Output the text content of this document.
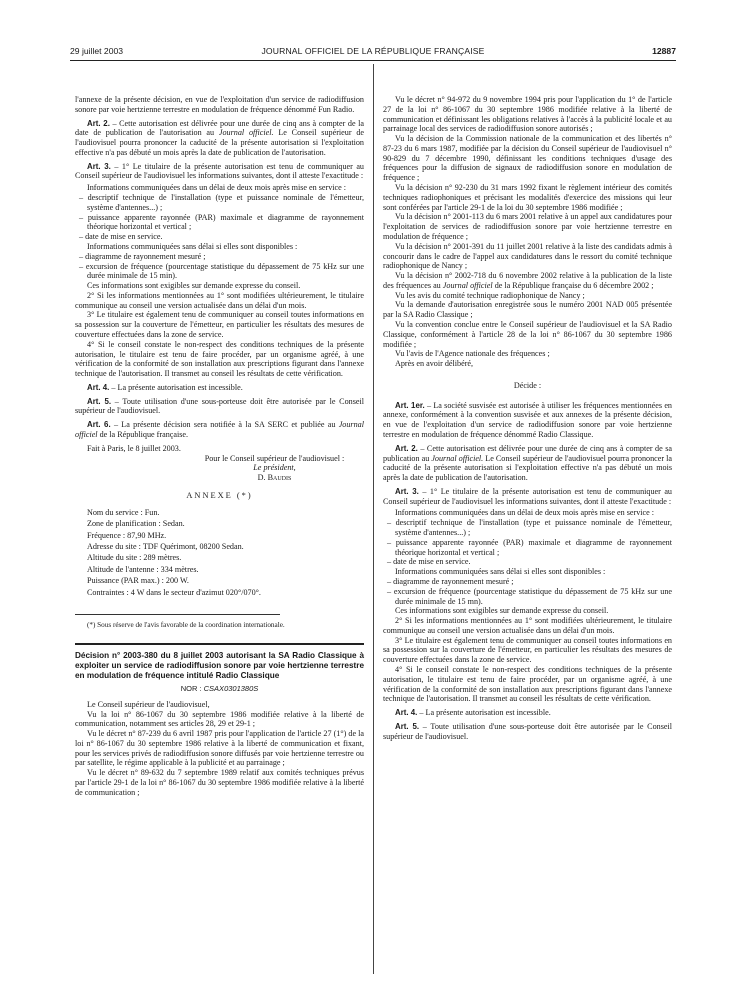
29 juillet 2003	JOURNAL OFFICIEL DE LA RÉPUBLIQUE FRANÇAISE	12887

l'annexe de la présente décision, en vue de l'exploitation d'un service de radiodiffusion sonore par voie hertzienne terrestre en modulation de fréquence dénommé Fun Radio.

Art. 2. – Cette autorisation est délivrée pour une durée de cinq ans à compter de la date de publication de l'autorisation au Journal officiel. Le Conseil supérieur de l'audiovisuel pourra prononcer la caducité de la présente autorisation si l'exploitation effective n'a pas débuté un mois après la date de publication de l'autorisation.

Art. 3. – 1° Le titulaire de la présente autorisation est tenu de communiquer au Conseil supérieur de l'audiovisuel les informations suivantes, dont il atteste l'exactitude :

Informations communiquées dans un délai de deux mois après mise en service :

– descriptif technique de l'installation (type et puissance nominale de l'émetteur, système d'antennes...) ;

– puissance apparente rayonnée (PAR) maximale et diagramme de rayonnement théorique horizontal et vertical ;

– date de mise en service.

Informations communiquées sans délai si elles sont disponibles :

– diagramme de rayonnement mesuré ;

– excursion de fréquence (pourcentage statistique du dépassement de 75 kHz sur une durée minimale de 15 min).

Ces informations sont exigibles sur demande expresse du conseil.

2° Si les informations mentionnées au 1° sont modifiées ultérieurement, le titulaire communique au conseil une version actualisée dans un délai d'un mois.

3° Le titulaire est également tenu de communiquer au conseil toutes informations en sa possession sur la couverture de l'émetteur, en particulier les résultats des mesures de couverture effectuées dans la zone de service.

4° Si le conseil constate le non-respect des conditions techniques de la présente autorisation, le titulaire est tenu de faire procéder, par un organisme agréé, à une vérification de la conformité de son installation aux prescriptions figurant dans l'annexe technique de l'autorisation. Il transmet au conseil les résultats de cette vérification.

Art. 4. – La présente autorisation est incessible.

Art. 5. – Toute utilisation d'une sous-porteuse doit être autorisée par le Conseil supérieur de l'audiovisuel.

Art. 6. – La présente décision sera notifiée à la SA SERC et publiée au Journal officiel de la République française.

Fait à Paris, le 8 juillet 2003.

Pour le Conseil supérieur de l'audiovisuel :

Le président,

D. Baudis

ANNEXE (*)

Nom du service : Fun.

Zone de planification : Sedan.

Fréquence : 87,90 MHz.

Adresse du site : TDF Quérimont, 08200 Sedan.

Altitude du site : 289 mètres.

Altitude de l'antenne : 334 mètres.

Puissance (PAR max.) : 200 W.

Contraintes : 4 W dans le secteur d'azimut 020°/070°.

(*) Sous réserve de l'avis favorable de la coordination internationale.

Décision n° 2003-380 du 8 juillet 2003 autorisant la SA Radio Classique à exploiter un service de radiodiffusion sonore par voie hertzienne terrestre en modulation de fréquence intitulé Radio Classique

NOR : CSAX0301380S

Le Conseil supérieur de l'audiovisuel,

Vu la loi n° 86-1067 du 30 septembre 1986 modifiée relative à la liberté de communication, notamment ses articles 28, 29 et 29-1 ;

Vu le décret n° 87-239 du 6 avril 1987 pris pour l'application de l'article 27 (1°) de la loi n° 86-1067 du 30 septembre 1986 relative à la liberté de communication et fixant, pour les services privés de radiodiffusion sonore diffusés par voie hertzienne terrestre ou par satellite, le régime applicable à la publicité et au parrainage ;

Vu le décret n° 89-632 du 7 septembre 1989 relatif aux comités techniques prévus par l'article 29-1 de la loi n° 86-1067 du 30 septembre 1986 modifiée relative à la liberté de communication ;

Vu le décret n° 94-972 du 9 novembre 1994 pris pour l'application du 1° de l'article 27 de la loi n° 86-1067 du 30 septembre 1986 modifiée relative à la liberté de communication et définissant les obligations relatives à l'accès à la publicité locale et au parrainage local des services de radiodiffusion sonore autorisés ;

Vu la décision de la Commission nationale de la communication et des libertés n° 87-23 du 6 mars 1987, modifiée par la décision du Conseil supérieur de l'audiovisuel n° 90-829 du 7 décembre 1990, définissant les conditions techniques d'usage des fréquences pour la diffusion de signaux de radiodiffusion sonore en modulation de fréquence ;

Vu la décision n° 92-230 du 31 mars 1992 fixant le règlement intérieur des comités techniques radiophoniques et précisant les modalités d'exercice des missions qui leur sont conférées par l'article 29-1 de la loi du 30 septembre 1986 modifiée ;

Vu la décision n° 2001-113 du 6 mars 2001 relative à un appel aux candidatures pour l'exploitation de services de radiodiffusion sonore par voie hertzienne terrestre en modulation de fréquence ;

Vu la décision n° 2001-391 du 11 juillet 2001 relative à la liste des candidats admis à concourir dans le cadre de l'appel aux candidatures dans le ressort du comité technique radiophonique de Nancy ;

Vu la décision n° 2002-718 du 6 novembre 2002 relative à la publication de la liste des fréquences au Journal officiel de la République française du 6 décembre 2002 ;

Vu les avis du comité technique radiophonique de Nancy ;

Vu la demande d'autorisation enregistrée sous le numéro 2001 NAD 005 présentée par la SA Radio Classique ;

Vu la convention conclue entre le Conseil supérieur de l'audiovisuel et la SA Radio Classique, conformément à l'article 28 de la loi n° 86-1067 du 30 septembre 1986 modifiée ;

Vu l'avis de l'Agence nationale des fréquences ;

Après en avoir délibéré,

Décide :

Art. 1er. – La société susvisée est autorisée à utiliser les fréquences mentionnées en annexe, conformément à la convention susvisée et aux annexes de la présente décision, en vue de l'exploitation d'un service de radiodiffusion sonore par voie hertzienne terrestre en modulation de fréquence dénommé Radio Classique.

Art. 2. – Cette autorisation est délivrée pour une durée de cinq ans à compter de sa publication au Journal officiel. Le Conseil supérieur de l'audiovisuel pourra prononcer la caducité de la présente autorisation si l'exploitation effective n'a pas débuté un mois après la date de publication de l'autorisation.

Art. 3. – 1° Le titulaire de la présente autorisation est tenu de communiquer au Conseil supérieur de l'audiovisuel les informations suivantes, dont il atteste l'exactitude :

Informations communiquées dans un délai de deux mois après mise en service :

– descriptif technique de l'installation (type et puissance nominale de l'émetteur, système d'antennes...) ;

– puissance apparente rayonnée (PAR) maximale et diagramme de rayonnement théorique horizontal et vertical ;

– date de mise en service.

Informations communiquées sans délai si elles sont disponibles :

– diagramme de rayonnement mesuré ;

– excursion de fréquence (pourcentage statistique du dépassement de 75 kHz sur une durée minimale de 15 mn).

Ces informations sont exigibles sur demande expresse du conseil.

2° Si les informations mentionnées au 1° sont modifiées ultérieurement, le titulaire communique au conseil une version actualisée dans un délai d'un mois.

3° Le titulaire est également tenu de communiquer au conseil toutes informations en sa possession sur la couverture de l'émetteur, en particulier les résultats des mesures de couverture effectuées dans la zone de service.

4° Si le conseil constate le non-respect des conditions techniques de la présente autorisation, le titulaire est tenu de faire procéder, par un organisme agréé, à une vérification de la conformité de son installation aux prescriptions figurant dans l'annexe technique de l'autorisation. Il transmet au conseil les résultats de cette vérification.

Art. 4. – La présente autorisation est incessible.

Art. 5. – Toute utilisation d'une sous-porteuse doit être autorisée par le Conseil supérieur de l'audiovisuel.
